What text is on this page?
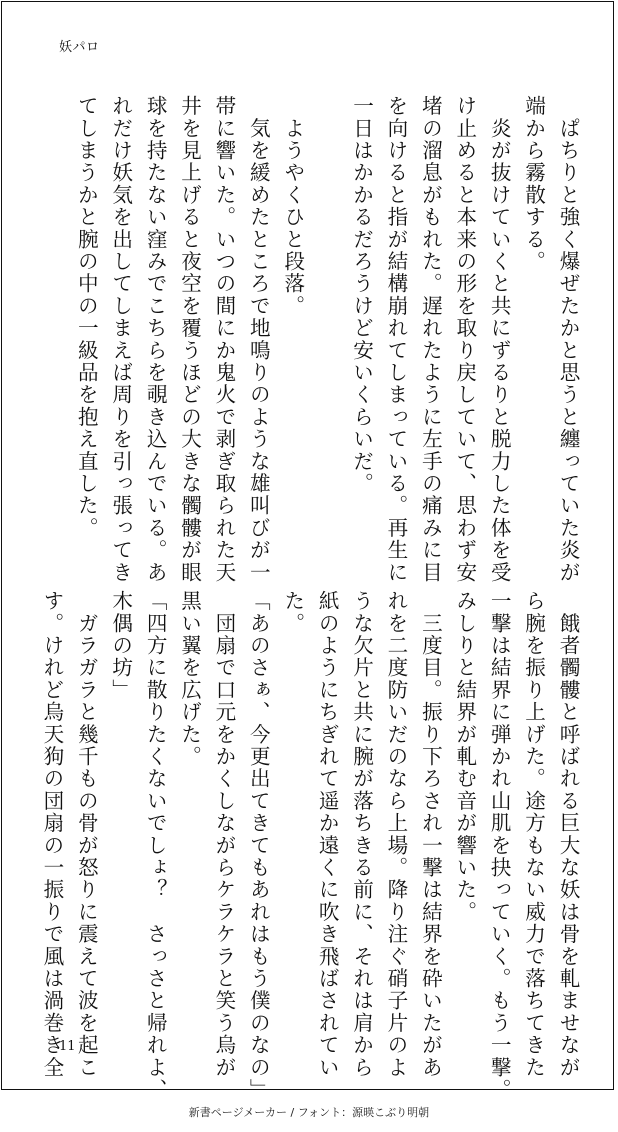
妖パロ
　ぱちりと強く爆ぜたかと思うと纏っていた炎が
端から霧散する。
　炎が抜けていくと共にずるりと脱力した体を受
け止めると本来の形を取り戻していて、思わず安
堵の溜息がもれた。遅れたように左手の痛みに目
を向けると指が結構崩れてしまっている。再生に
一日はかかるだろうけど安いくらいだ。
　ようやくひと段落。
　気を緩めたところで地鳴りのような雄叫びが一
帯に響いた。いつの間にか鬼火で剥ぎ取られた天
井を見上げると夜空を覆うほどの大きな髑髏が眼
球を持たない窪みでこちらを覗き込んでいる。あ
れだけ妖気を出してしまえば周りを引っ張ってき
てしまうかと腕の中の一級品を抱え直した。
　餓者髑髏と呼ばれる巨大な妖は骨を軋ませなが
ら腕を振り上げた。途方もない威力で落ちてきた
一撃は結界に弾かれ山肌を抉っていく。もう一撃。
みしりと結界が軋む音が響いた。
　三度目。振り下ろされ一撃は結界を砕いたがあ
れを二度防いだのなら上場。降り注ぐ硝子片のよ
うな欠片と共に腕が落ちきる前に、それは肩から
紙のようにちぎれて遥か遠くに吹き飛ばされてい
た。
「あのさぁ、今更出てきてもあれはもう僕のなの」
　団扇で口元をかくしながらケラケラと笑う烏が
黒い翼を広げた。
「四方に散りたくないでしょ？　さっさと帰れよ、
木偶の坊」
　ガラガラと幾千もの骨が怒りに震えて波を起こ
す。けれど烏天狗の団扇の一振りで風は渦巻き全
11
新書ページメーカー / フォント：源暎こぶり明朝
